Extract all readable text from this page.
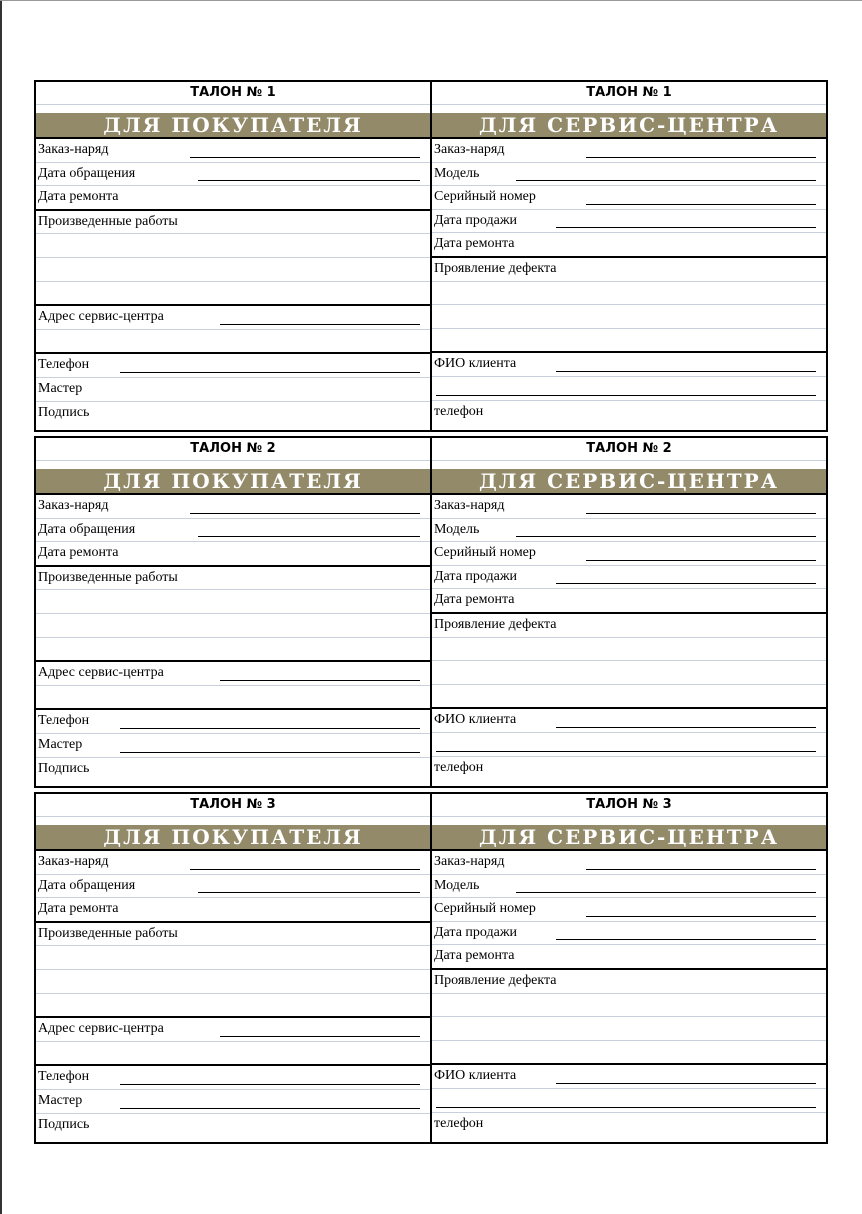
ТАЛОН № 1
ДЛЯ ПОКУПАТЕЛЯ
Заказ-наряд
Дата обращения
Дата ремонта
Произведенные работы
Адрес сервис-центра
Телефон
Мастер
Подпись
ТАЛОН № 1
ДЛЯ СЕРВИС-ЦЕНТРА
Заказ-наряд
Модель
Серийный номер
Дата продажи
Дата ремонта
Проявление дефекта
ФИО клиента
телефон
ТАЛОН № 2
ДЛЯ ПОКУПАТЕЛЯ
Заказ-наряд
Дата обращения
Дата ремонта
Произведенные работы
Адрес сервис-центра
Телефон
Мастер
Подпись
ТАЛОН № 2
ДЛЯ СЕРВИС-ЦЕНТРА
Заказ-наряд
Модель
Серийный номер
Дата продажи
Дата ремонта
Проявление дефекта
ФИО клиента
телефон
ТАЛОН № 3
ДЛЯ ПОКУПАТЕЛЯ
Заказ-наряд
Дата обращения
Дата ремонта
Произведенные работы
Адрес сервис-центра
Телефон
Мастер
Подпись
ТАЛОН № 3
ДЛЯ СЕРВИС-ЦЕНТРА
Заказ-наряд
Модель
Серийный номер
Дата продажи
Дата ремонта
Проявление дефекта
ФИО клиента
телефон
